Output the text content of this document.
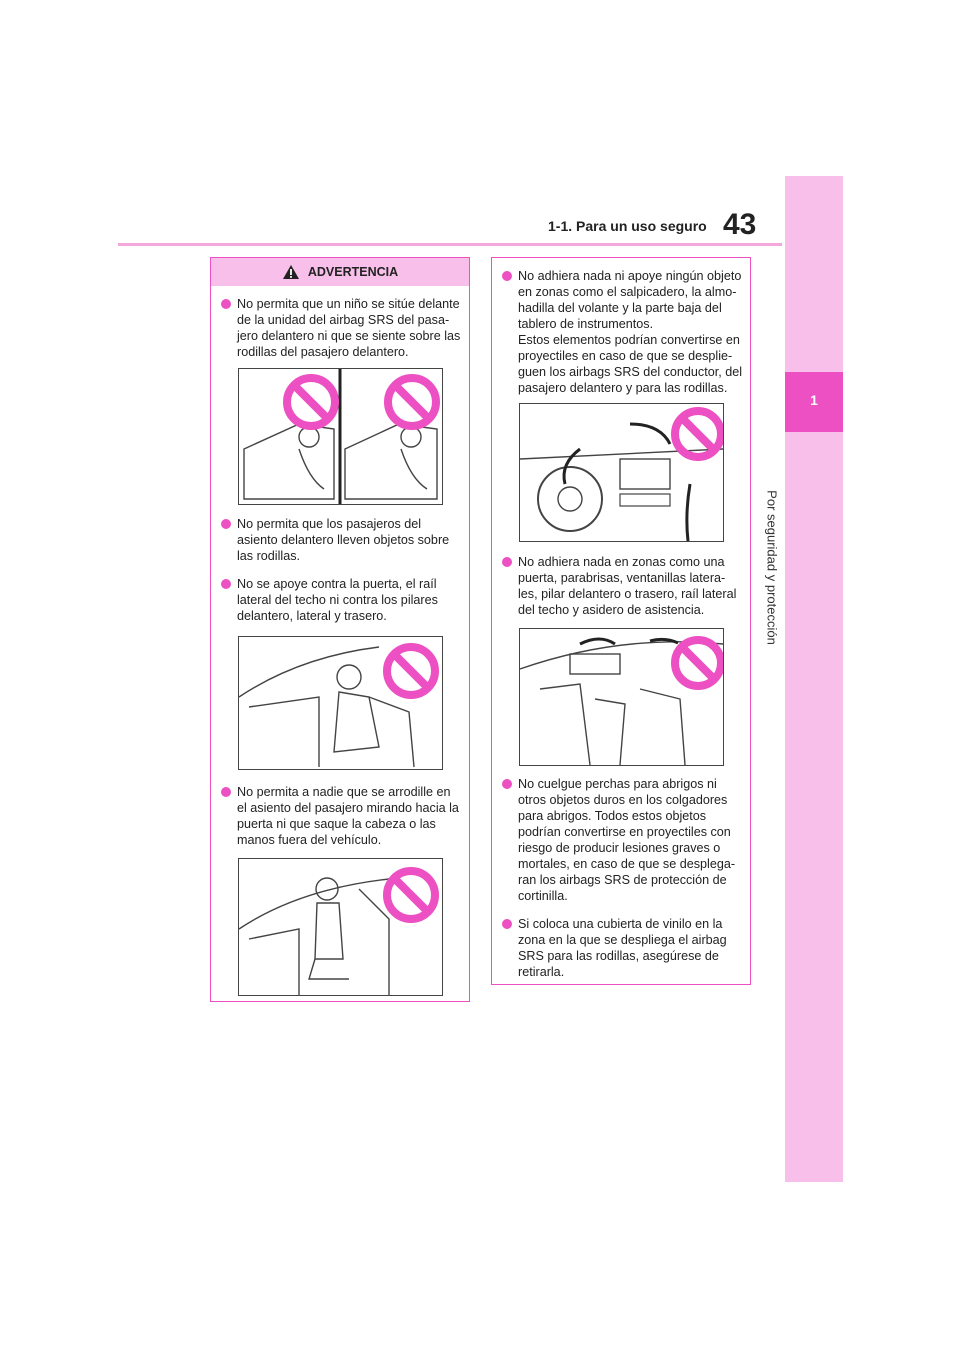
1-1. Para un uso seguro 43
1
Por seguridad y protección
ADVERTENCIA
No permita que un niño se sitúe delante
de la unidad del airbag SRS del pasa-
jero delantero ni que se siente sobre las
rodillas del pasajero delantero.
No permita que los pasajeros del
asiento delantero lleven objetos sobre
las rodillas.
No se apoye contra la puerta, el raíl
lateral del techo ni contra los pilares
delantero, lateral y trasero.
No permita a nadie que se arrodille en
el asiento del pasajero mirando hacia la
puerta ni que saque la cabeza o las
manos fuera del vehículo.
No adhiera nada ni apoye ningún objeto
en zonas como el salpicadero, la almo-
hadilla del volante y la parte baja del
tablero de instrumentos.
Estos elementos podrían convertirse en
proyectiles en caso de que se desplie-
guen los airbags SRS del conductor, del
pasajero delantero y para las rodillas.
No adhiera nada en zonas como una
puerta, parabrisas, ventanillas latera-
les, pilar delantero o trasero, raíl lateral
del techo y asidero de asistencia.
No cuelgue perchas para abrigos ni
otros objetos duros en los colgadores
para abrigos. Todos estos objetos
podrían convertirse en proyectiles con
riesgo de producir lesiones graves o
mortales, en caso de que se desplega-
ran los airbags SRS de protección de
cortinilla.
Si coloca una cubierta de vinilo en la
zona en la que se despliega el airbag
SRS para las rodillas, asegúrese de
retirarla.
